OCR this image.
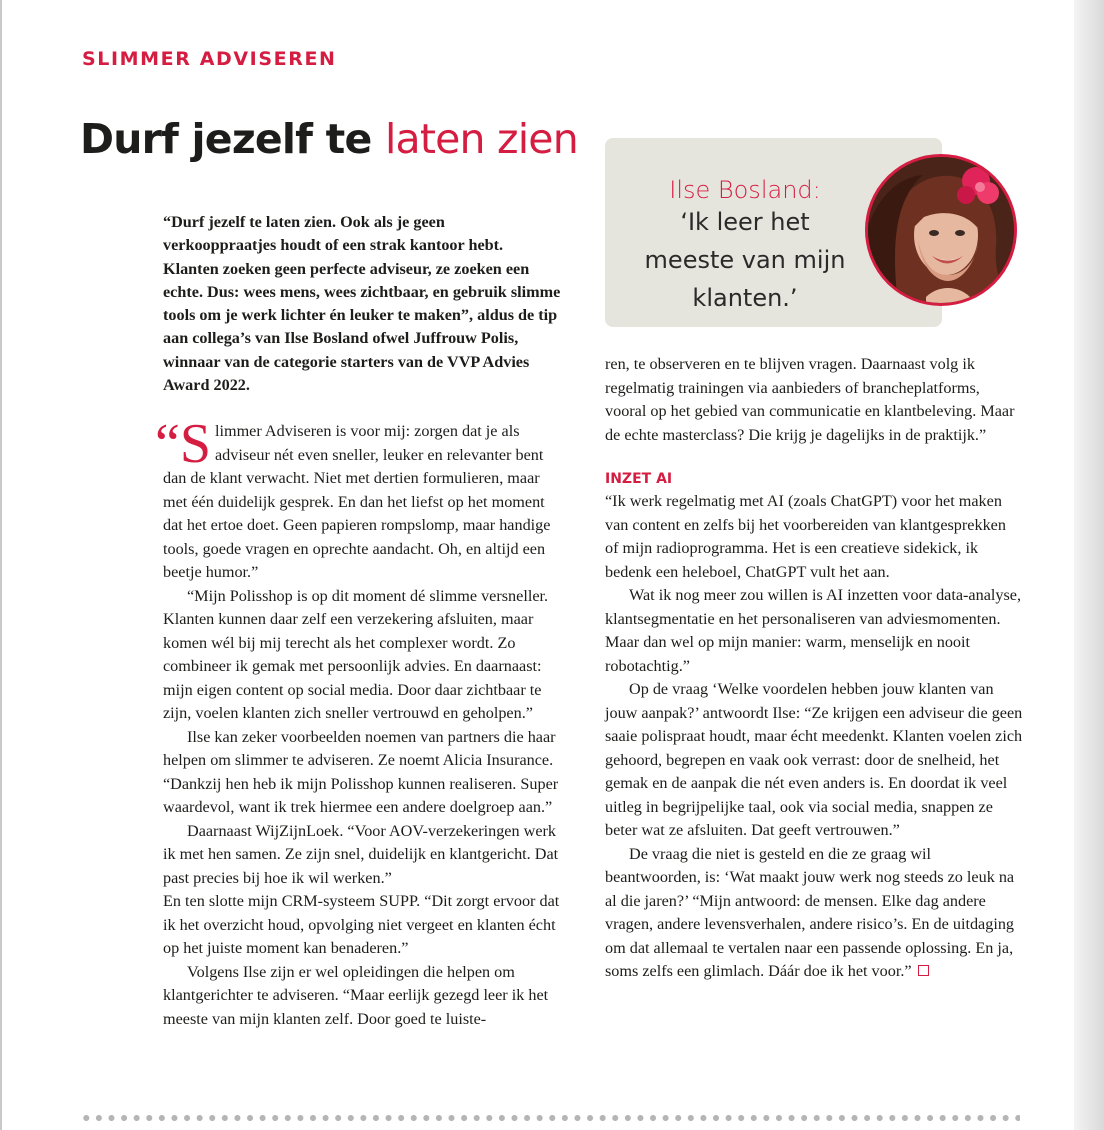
SLIMMER ADVISEREN
Durf jezelf te laten zien
Ilse Bosland:
‘Ik leer het meeste van mijn klanten.’

“Durf jezelf te laten zien. Ook als je geen verkooppraatjes houdt of een strak kantoor hebt. Klanten zoeken geen perfecte adviseur, ze zoeken een echte. Dus: wees mens, wees zichtbaar, en gebruik slimme tools om je werk lichter én leuker te maken”, aldus de tip aan collega’s van Ilse Bosland ofwel Juffrouw Polis, winnaar van de categorie starters van de VVP Advies Award 2022.

“Slimmer Adviseren is voor mij: zorgen dat je als adviseur nét even sneller, leuker en relevanter bent dan de klant verwacht. Niet met dertien formulieren, maar met één duidelijk gesprek. En dan het liefst op het moment dat het ertoe doet. Geen papieren rompslomp, maar handige tools, goede vragen en oprechte aandacht. Oh, en altijd een beetje humor.”

“Mijn Polisshop is op dit moment dé slimme versneller. Klanten kunnen daar zelf een verzekering afsluiten, maar komen wél bij mij terecht als het complexer wordt. Zo combineer ik gemak met persoonlijk advies. En daarnaast: mijn eigen content op social media. Door daar zichtbaar te zijn, voelen klanten zich sneller vertrouwd en geholpen.”

Ilse kan zeker voorbeelden noemen van partners die haar helpen om slimmer te adviseren. Ze noemt Alicia Insurance. “Dankzij hen heb ik mijn Polisshop kunnen realiseren. Super waardevol, want ik trek hiermee een andere doelgroep aan.”

Daarnaast WijZijnLoek. “Voor AOV-verzekeringen werk ik met hen samen. Ze zijn snel, duidelijk en klantgericht. Dat past precies bij hoe ik wil werken.”

En ten slotte mijn CRM-systeem SUPP. “Dit zorgt ervoor dat ik het overzicht houd, opvolging niet vergeet en klanten écht op het juiste moment kan benaderen.”

Volgens Ilse zijn er wel opleidingen die helpen om klantgerichter te adviseren. “Maar eerlijk gezegd leer ik het meeste van mijn klanten zelf. Door goed te luiste-

ren, te observeren en te blijven vragen. Daarnaast volg ik regelmatig trainingen via aanbieders of brancheplatforms, vooral op het gebied van communicatie en klantbeleving. Maar de echte masterclass? Die krijg je dagelijks in de praktijk.”

INZET AI

“Ik werk regelmatig met AI (zoals ChatGPT) voor het maken van content en zelfs bij het voorbereiden van klantgesprekken of mijn radioprogramma. Het is een creatieve sidekick, ik bedenk een heleboel, ChatGPT vult het aan.

Wat ik nog meer zou willen is AI inzetten voor data-analyse, klantsegmentatie en het personaliseren van adviesmomenten. Maar dan wel op mijn manier: warm, menselijk en nooit robotachtig.”

Op de vraag ‘Welke voordelen hebben jouw klanten van jouw aanpak?’ antwoordt Ilse: “Ze krijgen een adviseur die geen saaie polispraat houdt, maar écht meedenkt. Klanten voelen zich gehoord, begrepen en vaak ook verrast: door de snelheid, het gemak en de aanpak die nét even anders is. En doordat ik veel uitleg in begrijpelijke taal, ook via social media, snappen ze beter wat ze afsluiten. Dat geeft vertrouwen.”

De vraag die niet is gesteld en die ze graag wil beantwoorden, is: ‘Wat maakt jouw werk nog steeds zo leuk na al die jaren?’ “Mijn antwoord: de mensen. Elke dag andere vragen, andere levensverhalen, andere risico’s. En de uitdaging om dat allemaal te vertalen naar een passende oplossing. En ja, soms zelfs een glimlach. Dáár doe ik het voor.”
